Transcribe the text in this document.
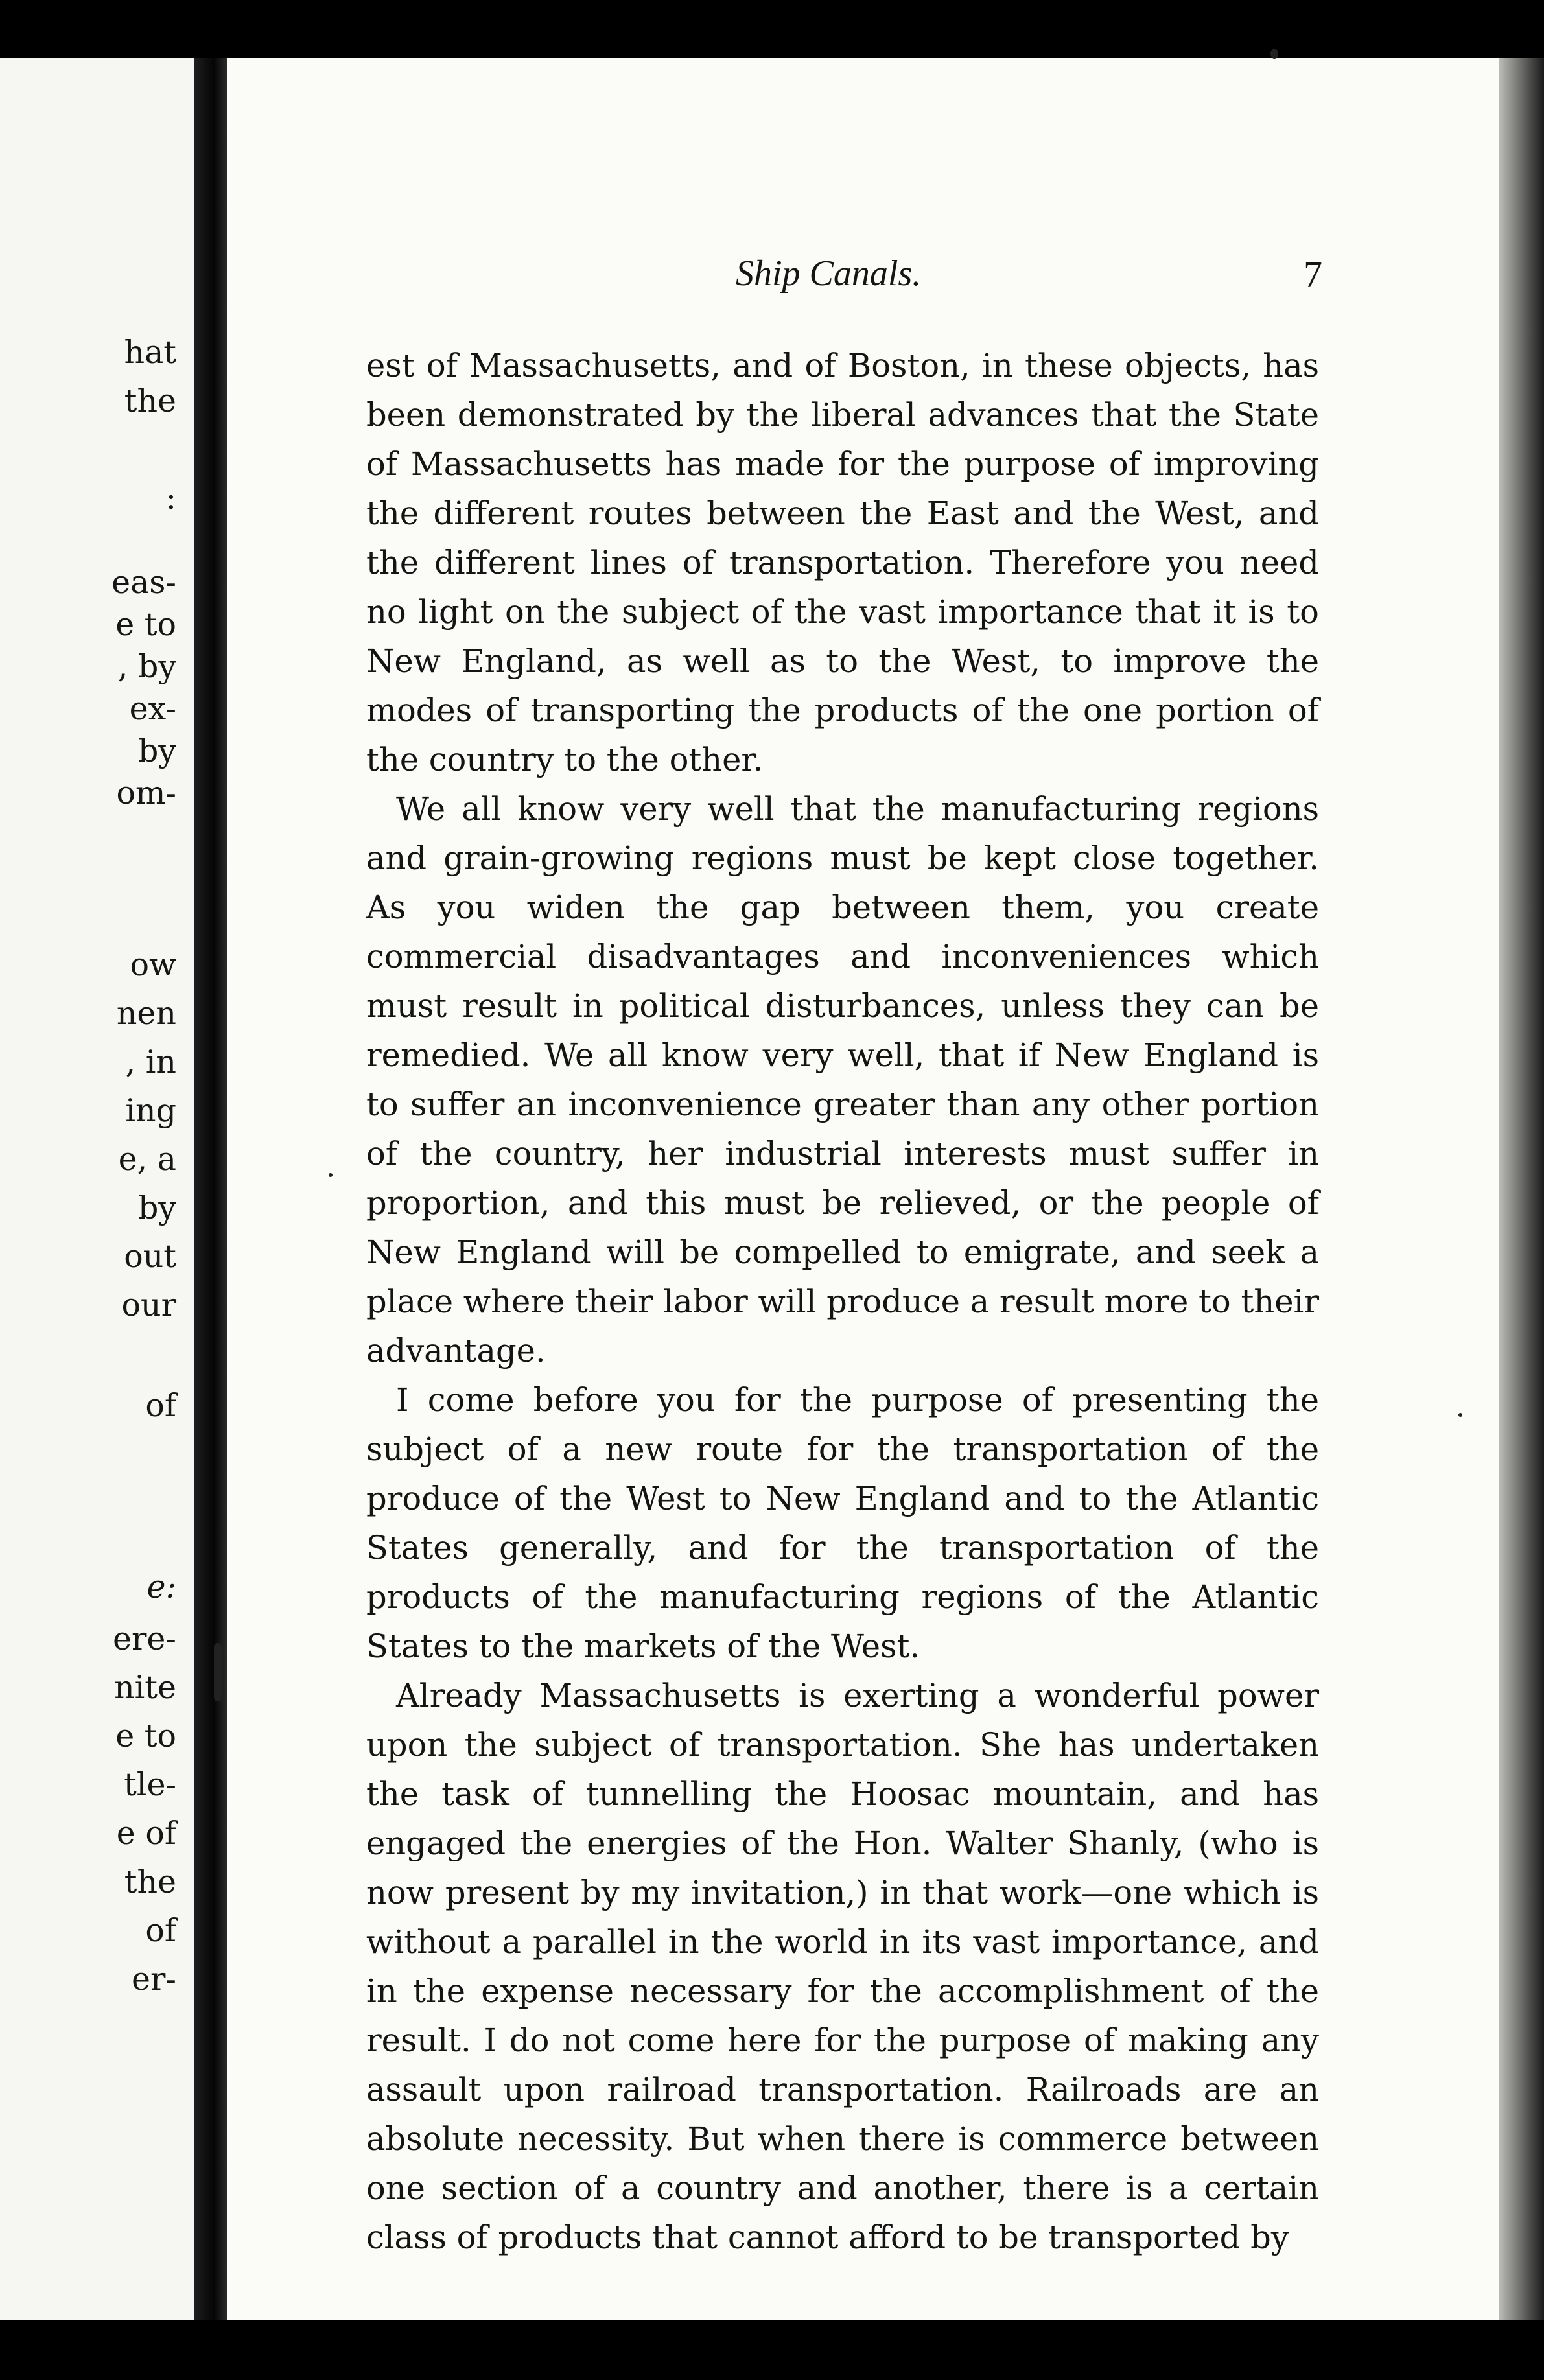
hat
the
:
eas-
e to
, by
ex-
by
om-
ow
nen
, in
ing
e, a
by
out
our
of
e:
ere-
nite
e to
tle-
e of
the
of
er-
Ship Canals.	7

est of Massachusetts, and of Boston, in these objects, has been demonstrated by the liberal advances that the State of Massachusetts has made for the purpose of improving the different routes between the East and the West, and the different lines of transportation. Therefore you need no light on the subject of the vast importance that it is to New England, as well as to the West, to improve the modes of transporting the products of the one portion of the country to the other.

We all know very well that the manufacturing regions and grain-growing regions must be kept close together. As you widen the gap between them, you create commercial disadvantages and inconveniences which must result in political disturbances, unless they can be remedied. We all know very well, that if New England is to suffer an inconvenience greater than any other portion of the country, her industrial interests must suffer in proportion, and this must be relieved, or the people of New England will be compelled to emigrate, and seek a place where their labor will produce a result more to their advantage.

I come before you for the purpose of presenting the subject of a new route for the transportation of the produce of the West to New England and to the Atlantic States generally, and for the transportation of the products of the manufacturing regions of the Atlantic States to the markets of the West.

Already Massachusetts is exerting a wonderful power upon the subject of transportation. She has undertaken the task of tunnelling the Hoosac mountain, and has engaged the energies of the Hon. Walter Shanly, (who is now present by my invitation,) in that work—one which is without a parallel in the world in its vast importance, and in the expense necessary for the accomplishment of the result. I do not come here for the purpose of making any assault upon railroad transportation. Railroads are an absolute necessity. But when there is commerce between one section of a country and another, there is a certain class of products that cannot afford to be transported by
